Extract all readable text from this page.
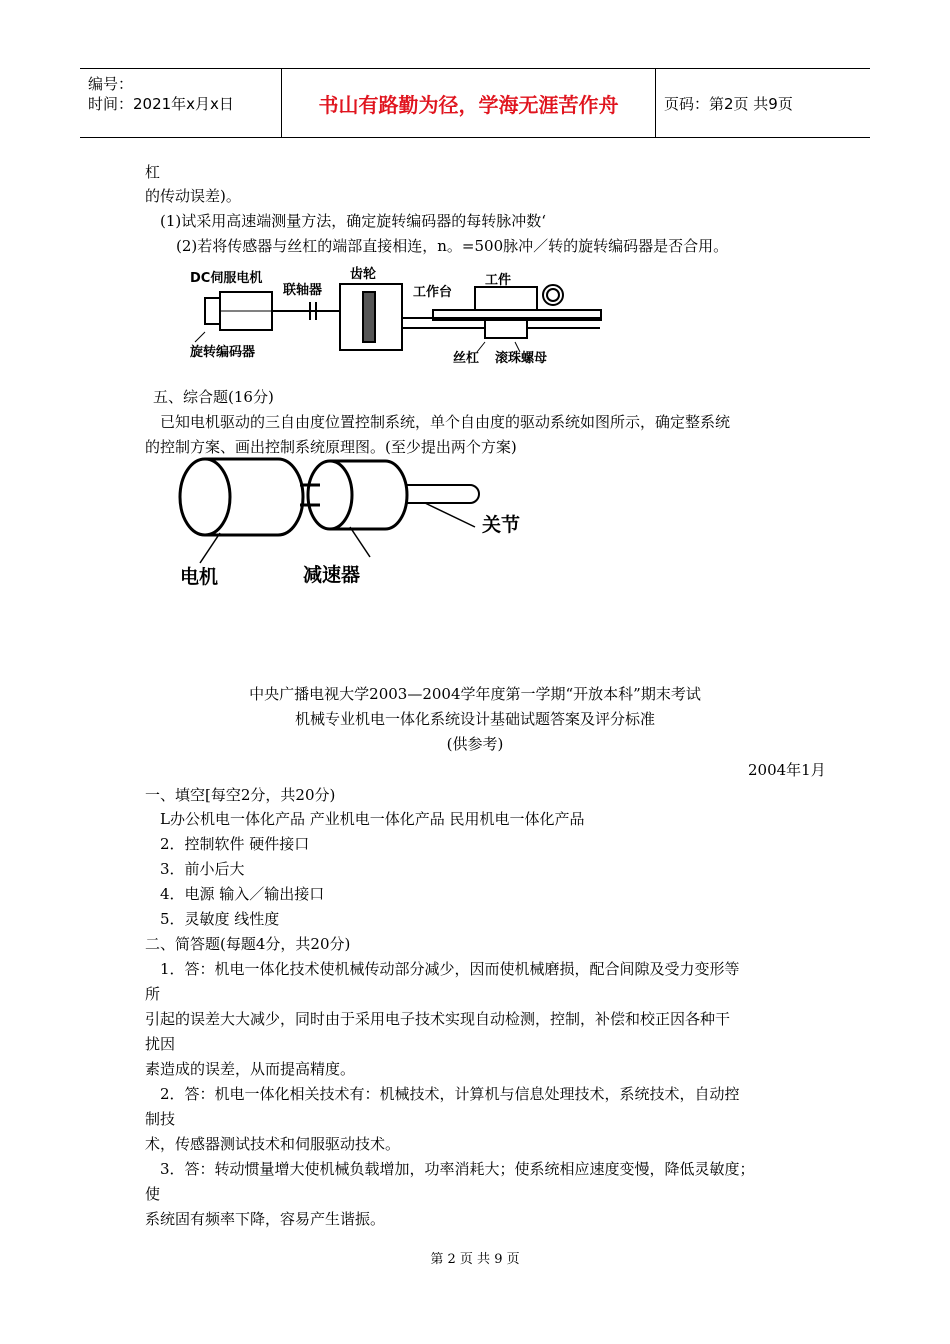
编号：
时间：2021年x月x日	书山有路勤为径，学海无涯苦作舟	页码：第2页 共9页
杠
的传动误差)。
(1)试采用高速端测量方法，确定旋转编码器的每转脉冲数‘
(2)若将传感器与丝杠的端部直接相连，n。=500脉冲／转的旋转编码器是否合用。
DC伺服电机
联轴器
齿轮
工作台
工件
旋转编码器	丝杠 滚珠螺母
五、综合题(16分)
已知电机驱动的三自由度位置控制系统，单个自由度的驱动系统如图所示，确定整系统
的控制方案、画出控制系统原理图。(至少提出两个方案)
电机	减速器
关节
中央广播电视大学2003—2004学年度第一学期“开放本科”期末考试
机械专业机电一体化系统设计基础试题答案及评分标准
(供参考)
2004年1月
一、填空[每空2分，共20分)
L办公机电一体化产品 产业机电一体化产品 民用机电一体化产品
2．控制软件 硬件接口
3．前小后大
4．电源 输入／输出接口
5．灵敏度 线性度
二、简答题(每题4分，共20分)
1．答：机电一体化技术使机械传动部分减少，因而使机械磨损，配合间隙及受力变形等
所
引起的误差大大减少，同时由于采用电子技术实现自动检测，控制，补偿和校正因各种干
扰因
素造成的误差，从而提高精度。
2．答：机电一体化相关技术有：机械技术，计算机与信息处理技术，系统技术，自动控
制技
术，传感器测试技术和伺服驱动技术。
3．答：转动惯量增大使机械负载增加，功率消耗大；使系统相应速度变慢，降低灵敏度；
使
系统固有频率下降，容易产生谐振。
第 2 页 共 9 页
